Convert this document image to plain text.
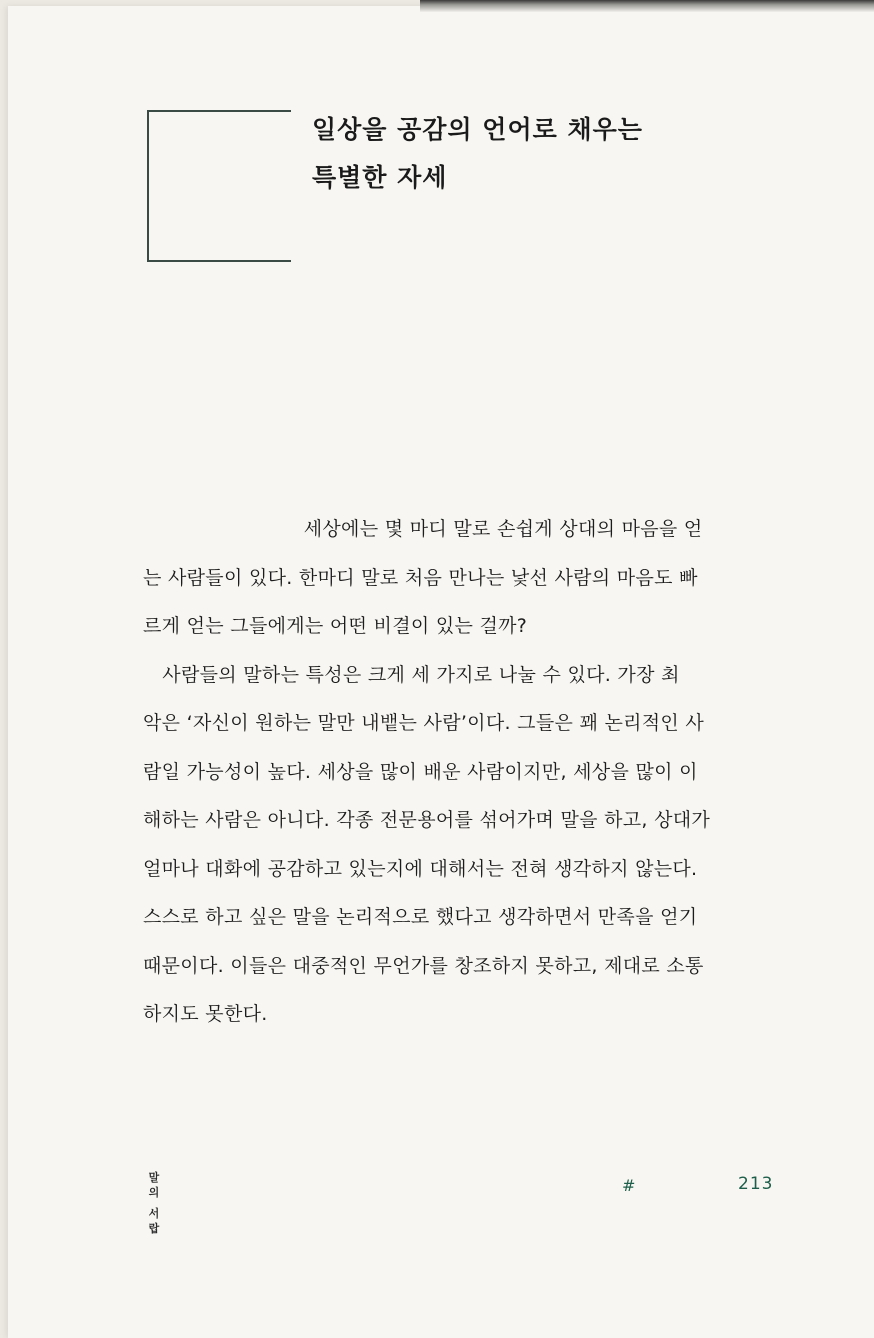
일상을 공감의 언어로 채우는
특별한 자세
　　　　　　　　 세상에는 몇 마디 말로 손쉽게 상대의 마음을 얻
는 사람들이 있다. 한마디 말로 처음 만나는 낯선 사람의 마음도 빠
르게 얻는 그들에게는 어떤 비결이 있는 걸까?
　사람들의 말하는 특성은 크게 세 가지로 나눌 수 있다. 가장 최
악은 ‘자신이 원하는 말만 내뱉는 사람’이다. 그들은 꽤 논리적인 사
람일 가능성이 높다. 세상을 많이 배운 사람이지만, 세상을 많이 이
해하는 사람은 아니다. 각종 전문용어를 섞어가며 말을 하고, 상대가
얼마나 대화에 공감하고 있는지에 대해서는 전혀 생각하지 않는다.
스스로 하고 싶은 말을 논리적으로 했다고 생각하면서 만족을 얻기
때문이다. 이들은 대중적인 무언가를 창조하지 못하고, 제대로 소통
하지도 못한다.
말
의
서
랍
#	213
